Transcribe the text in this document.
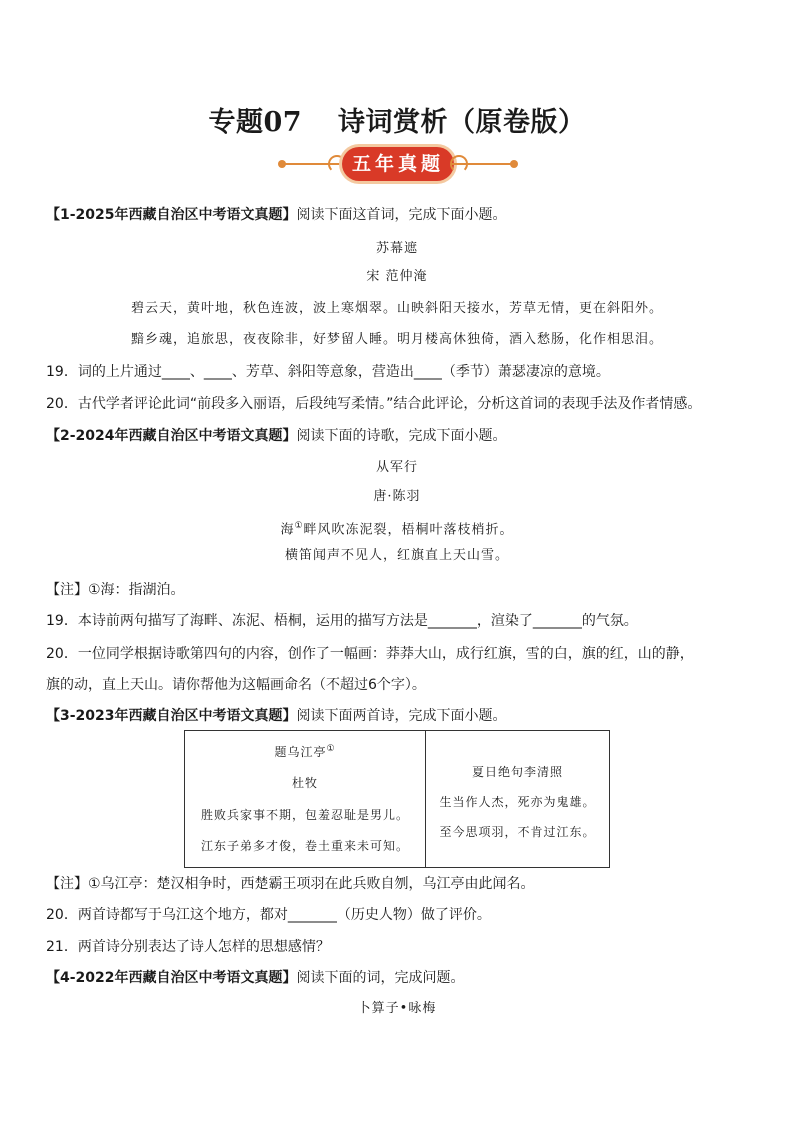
专题07 诗词赏析（原卷版）
五年真题
【1-2025年西藏自治区中考语文真题】阅读下面这首词，完成下面小题。
苏幕遮
宋 范仲淹
碧云天，黄叶地，秋色连波，波上寒烟翠。山映斜阳天接水，芳草无情，更在斜阳外。
黯乡魂，追旅思，夜夜除非，好梦留人睡。明月楼高休独倚，酒入愁肠，化作相思泪。
19．词的上片通过____、____、芳草、斜阳等意象，营造出____（季节）萧瑟凄凉的意境。
20．古代学者评论此词“前段多入丽语，后段纯写柔情。”结合此评论，分析这首词的表现手法及作者情感。
【2-2024年西藏自治区中考语文真题】阅读下面的诗歌，完成下面小题。
从军行
唐·陈羽
海①畔风吹冻泥裂，梧桐叶落枝梢折。
横笛闻声不见人，红旗直上天山雪。
【注】①海：指湖泊。
19．本诗前两句描写了海畔、冻泥、梧桐，运用的描写方法是_______，渲染了_______的气氛。
20．一位同学根据诗歌第四句的内容，创作了一幅画：莽莽大山，成行红旗，雪的白，旗的红，山的静，
旗的动，直上天山。请你帮他为这幅画命名（不超过6个字）。
【3-2023年西藏自治区中考语文真题】阅读下面两首诗，完成下面小题。
题乌江亭①
杜牧
胜败兵家事不期，包羞忍耻是男儿。
江东子弟多才俊，卷土重来未可知。
夏日绝句李清照
生当作人杰，死亦为鬼雄。
至今思项羽，不肯过江东。
【注】①乌江亭：楚汉相争时，西楚霸王项羽在此兵败自刎，乌江亭由此闻名。
20．两首诗都写于乌江这个地方，都对_______（历史人物）做了评价。
21．两首诗分别表达了诗人怎样的思想感情？
【4-2022年西藏自治区中考语文真题】阅读下面的词，完成问题。
卜算子•咏梅
